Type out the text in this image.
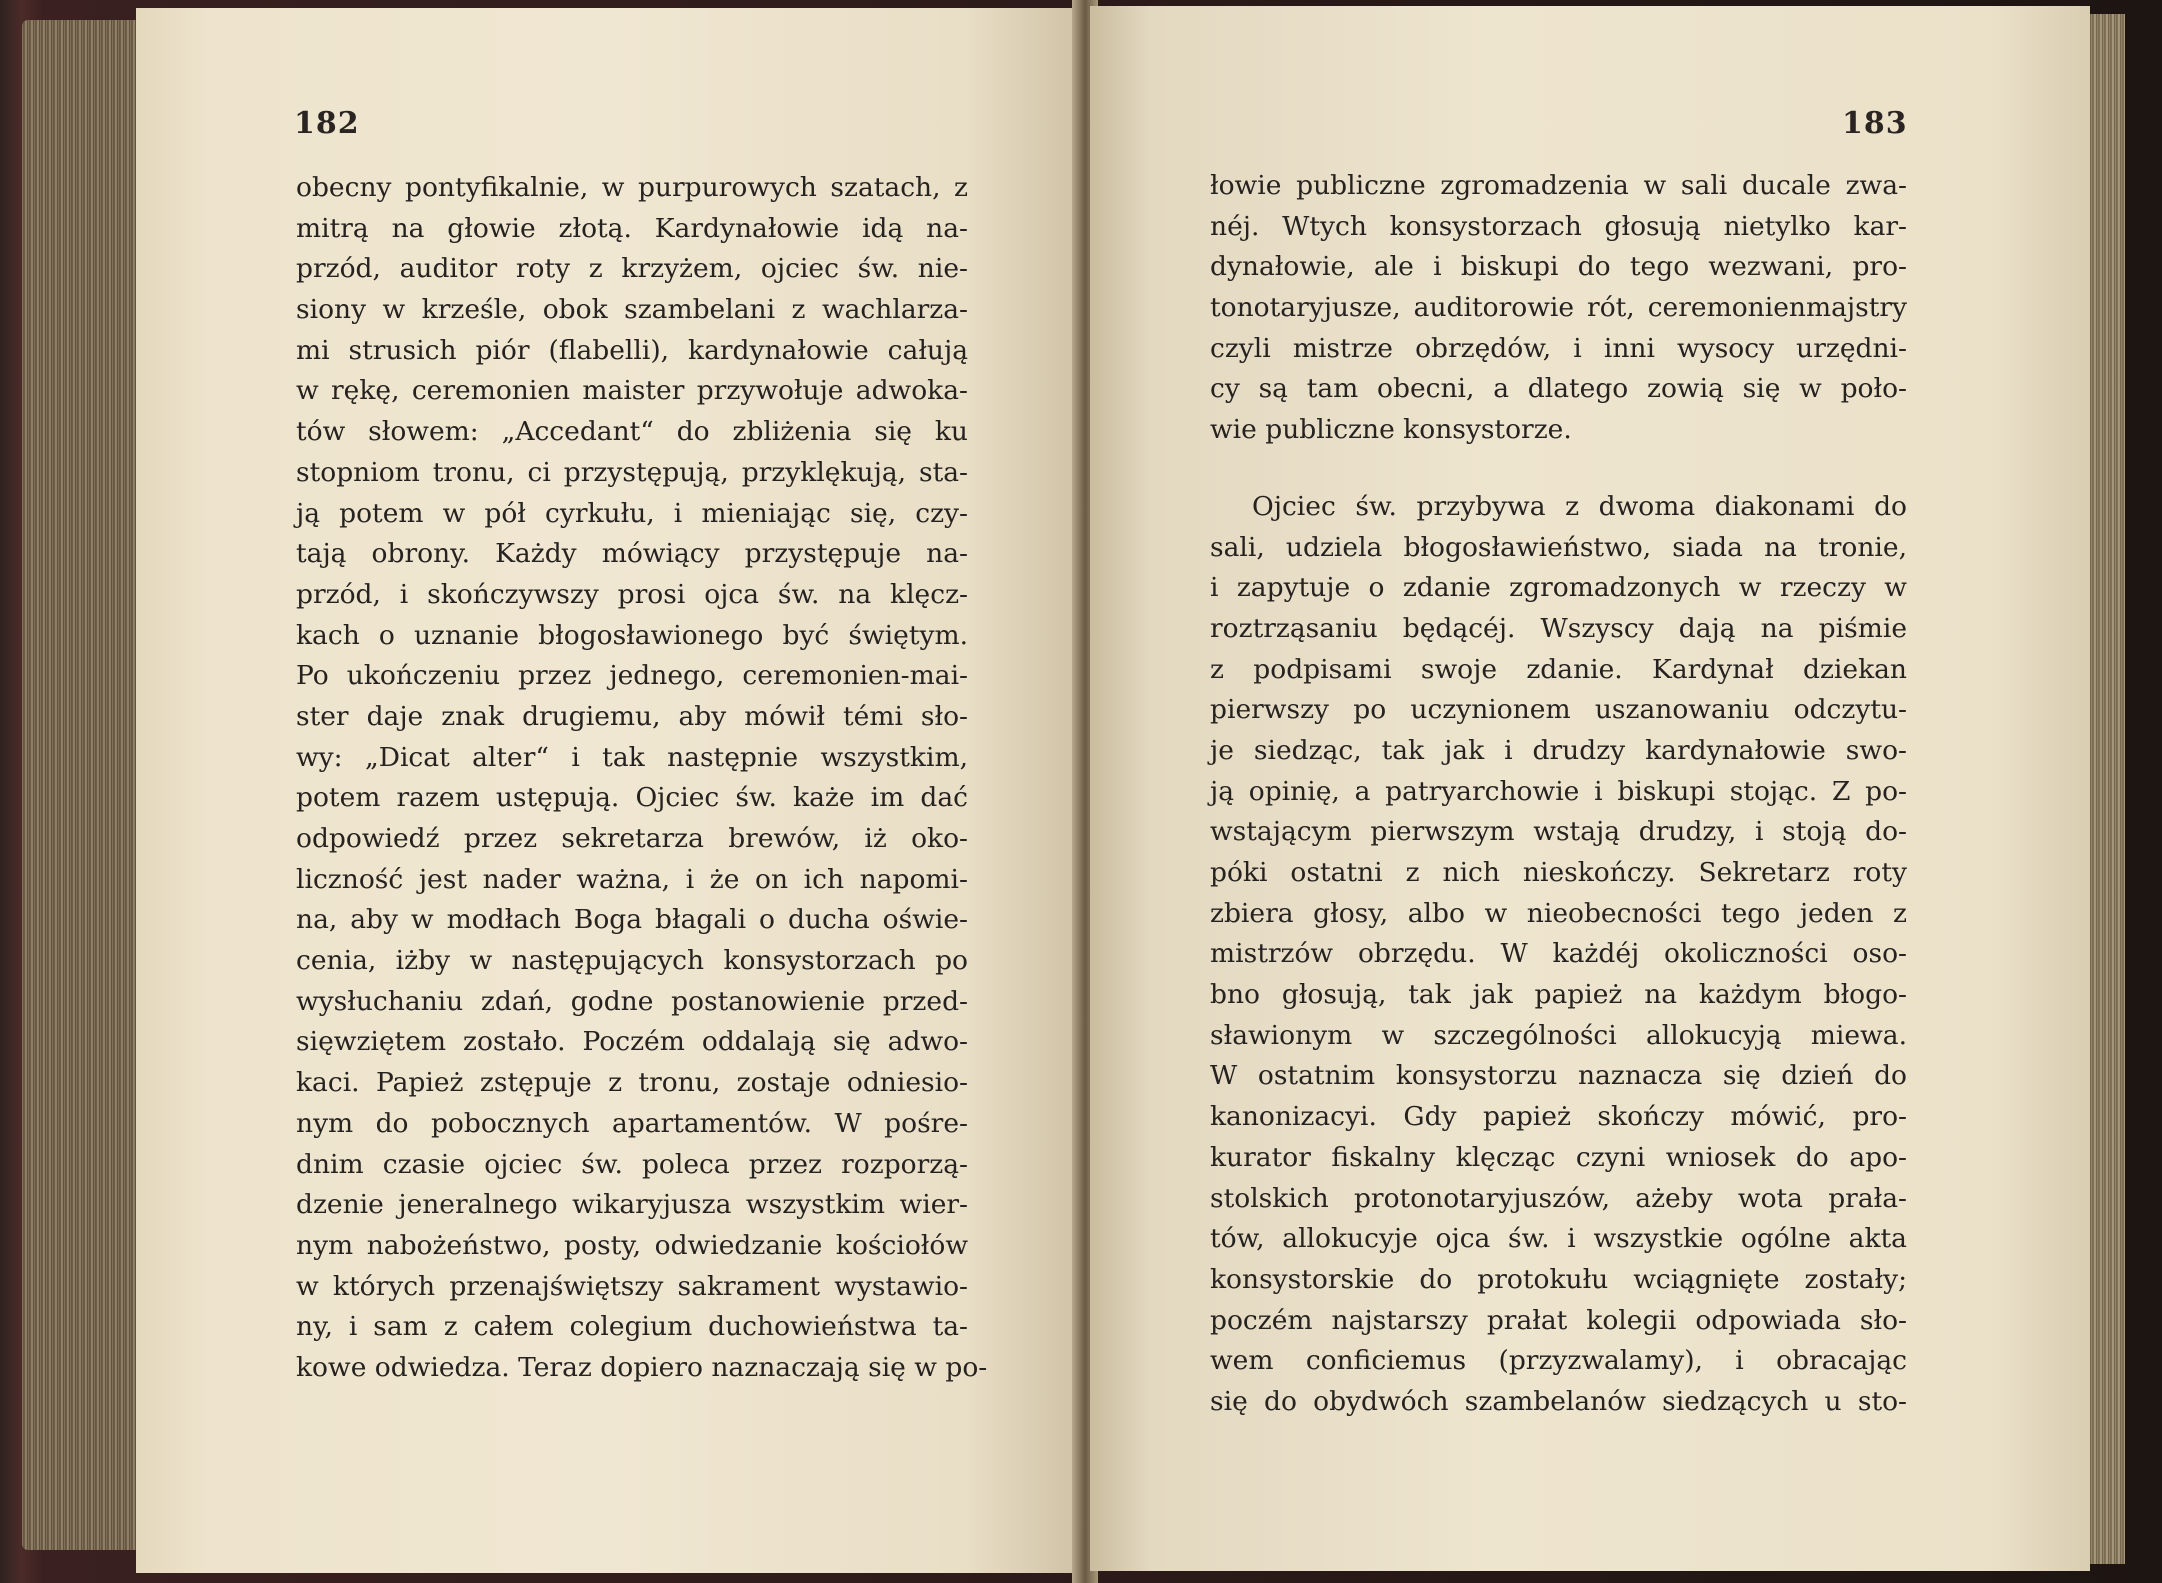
182
obecny pontyfikalnie, w purpurowych szatach, z
mitrą na głowie złotą. Kardynałowie idą na-
przód, auditor roty z krzyżem, ojciec św. nie-
siony w krześle, obok szambelani z wachlarza-
mi strusich piór (flabelli), kardynałowie całują
w rękę, ceremonien maister przywołuje adwoka-
tów słowem: „Accedant“ do zbliżenia się ku
stopniom tronu, ci przystępują, przyklękują, sta-
ją potem w pół cyrkułu, i mieniając się, czy-
tają obrony. Każdy mówiący przystępuje na-
przód, i skończywszy prosi ojca św. na klęcz-
kach o uznanie błogosławionego być świętym.
Po ukończeniu przez jednego, ceremonien-mai-
ster daje znak drugiemu, aby mówił témi sło-
wy: „Dicat alter“ i tak następnie wszystkim,
potem razem ustępują. Ojciec św. każe im dać
odpowiedź przez sekretarza brewów, iż oko-
liczność jest nader ważna, i że on ich napomi-
na, aby w modłach Boga błagali o ducha oświe-
cenia, iżby w następujących konsystorzach po
wysłuchaniu zdań, godne postanowienie przed-
sięwziętem zostało. Poczém oddalają się adwo-
kaci. Papież zstępuje z tronu, zostaje odniesio-
nym do pobocznych apartamentów. W pośre-
dnim czasie ojciec św. poleca przez rozporzą-
dzenie jeneralnego wikaryjusza wszystkim wier-
nym nabożeństwo, posty, odwiedzanie kościołów
w których przenajświętszy sakrament wystawio-
ny, i sam z całem colegium duchowieństwa ta-
kowe odwiedza. Teraz dopiero naznaczają się w po-
183
łowie publiczne zgromadzenia w sali ducale zwa-
néj. Wtych konsystorzach głosują nietylko kar-
dynałowie, ale i biskupi do tego wezwani, pro-
tonotaryjusze, auditorowie rót, ceremonienmajstry
czyli mistrze obrzędów, i inni wysocy urzędni-
cy są tam obecni, a dlatego zowią się w poło-
wie publiczne konsystorze.
Ojciec św. przybywa z dwoma diakonami do
sali, udziela błogosławieństwo, siada na tronie,
i zapytuje o zdanie zgromadzonych w rzeczy w
roztrząsaniu będącéj. Wszyscy dają na piśmie
z podpisami swoje zdanie. Kardynał dziekan
pierwszy po uczynionem uszanowaniu odczytu-
je siedząc, tak jak i drudzy kardynałowie swo-
ją opinię, a patryarchowie i biskupi stojąc. Z po-
wstającym pierwszym wstają drudzy, i stoją do-
póki ostatni z nich nieskończy. Sekretarz roty
zbiera głosy, albo w nieobecności tego jeden z
mistrzów obrzędu. W każdéj okoliczności oso-
bno głosują, tak jak papież na każdym błogo-
sławionym w szczególności allokucyją miewa.
W ostatnim konsystorzu naznacza się dzień do
kanonizacyi. Gdy papież skończy mówić, pro-
kurator fiskalny klęcząc czyni wniosek do apo-
stolskich protonotaryjuszów, ażeby wota prała-
tów, allokucyje ojca św. i wszystkie ogólne akta
konsystorskie do protokułu wciągnięte zostały;
poczém najstarszy prałat kolegii odpowiada sło-
wem conficiemus (przyzwalamy), i obracając
się do obydwóch szambelanów siedzących u sto-
